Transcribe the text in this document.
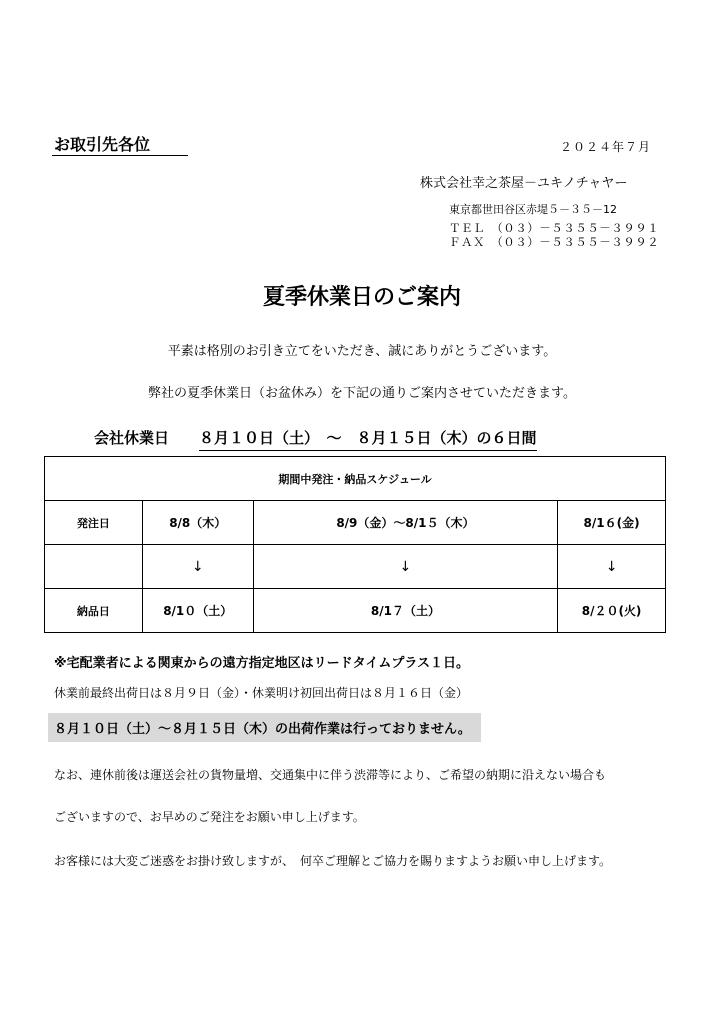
お取引先各位	２０２４年７月
株式会社幸之茶屋－ユキノチャヤー
東京都世田谷区赤堤５－３５－12
ＴＥＬ　 （０３）－５３５５－３９９１
ＦＡＸ　 （０３）－５３５５－３９９２
夏季休業日のご案内
平素は格別のお引き立てをいただき、誠にありがとうございます。
弊社の夏季休業日（お盆休み）を下記の通りご案内させていただきます。
会社休業日 ８月１０日（土）　～　８月１５日（木）の６日間
期間中発注・納品スケジュール			
発注日	8/8（木）	8/9（金）～8/1５（木）	8/1６(金)
	↓	↓	↓
納品日	8/1０（土）	8/1７（土）	8/２０(火)
※宅配業者による関東からの遠方指定地区はリードタイムプラス１日。
休業前最終出荷日は８月９日（金）・休業明け初回出荷日は８月１６日（金）
８月１０日（土）～８月１５日（木）の出荷作業は行っておりません。
なお、連休前後は運送会社の貨物量増、交通集中に伴う渋滞等により、ご希望の納期に沿えない場合も
ございますので、お早めのご発注をお願い申し上げます。
お客様には大変ご迷惑をお掛け致しますが、　何卒ご理解とご協力を賜りますようお願い申し上げます。
